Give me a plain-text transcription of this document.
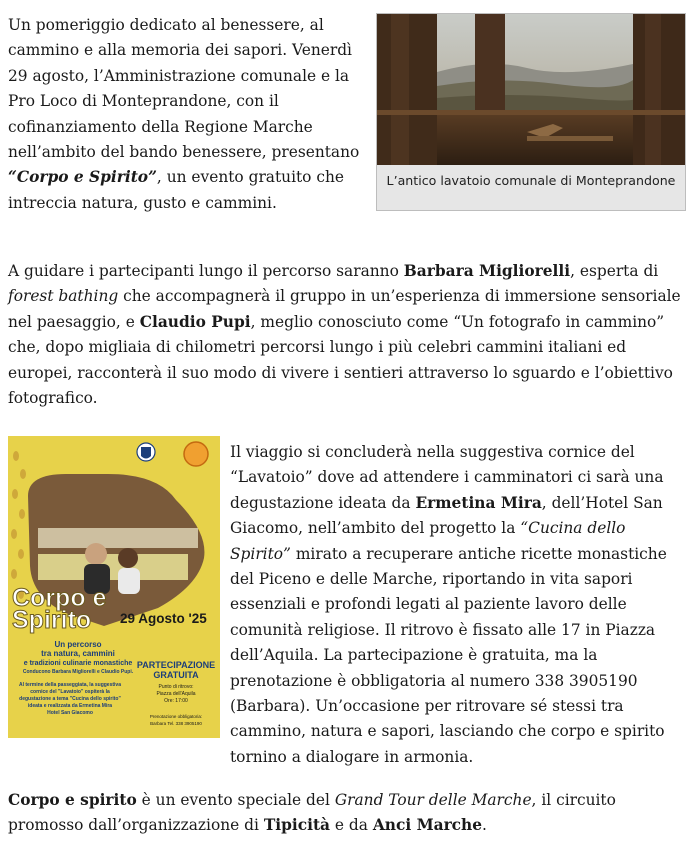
Un pomeriggio dedicato al benessere, al cammino e alla memoria dei sapori. Venerdì 29 agosto, l’Amministrazione comunale e la Pro Loco di Monteprandone, con il cofinanziamento della Regione Marche nell’ambito del bando benessere, presentano “Corpo e Spirito”, un evento gratuito che intreccia natura, gusto e cammini.

L’antico lavatoio comunale di Monteprandone

A guidare i partecipanti lungo il percorso saranno Barbara Migliorelli, esperta di forest bathing che accompagnerà il gruppo in un’esperienza di immersione sensoriale nel paesaggio, e Claudio Pupi, meglio conosciuto come “Un fotografo in cammino” che, dopo migliaia di chilometri percorsi lungo i più celebri cammini italiani ed europei, racconterà il suo modo di vivere i sentieri attraverso lo sguardo e l’obiettivo fotografico.

Corpo e
Spirito 29 Agosto '25
Un percorso
tra natura, cammini
e tradizioni culinarie monastiche
Conducono Barbara Migliorelli e Claudio Pupi.
PARTECIPAZIONE
GRATUITA
Punto di ritrovo:
Piazza dell'Aquila
Ore: 17:00
Prenotazione obbligatoria:
Barbara Tel. 338 3905190
Al termine della passeggiata, la suggestiva
cornice del "Lavatoio" ospiterà la
degustazione a tema "Cucina dello spirito"
ideata e realizzata da Ermetina Mira
Hotel San Giacomo

Il viaggio si concluderà nella suggestiva cornice del “Lavatoio” dove ad attendere i camminatori ci sarà una degustazione ideata da Ermetina Mira, dell’Hotel San Giacomo, nell’ambito del progetto la “Cucina dello Spirito” mirato a recuperare antiche ricette monastiche del Piceno e delle Marche, riportando in vita sapori essenziali e profondi legati al paziente lavoro delle comunità religiose. Il ritrovo è fissato alle 17 in Piazza dell’Aquila. La partecipazione è gratuita, ma la prenotazione è obbligatoria al numero 338 3905190 (Barbara). Un’occasione per ritrovare sé stessi tra cammino, natura e sapori, lasciando che corpo e spirito tornino a dialogare in armonia.

Corpo e spirito è un evento speciale del Grand Tour delle Marche, il circuito promosso dall’organizzazione di Tipicità e da Anci Marche.
